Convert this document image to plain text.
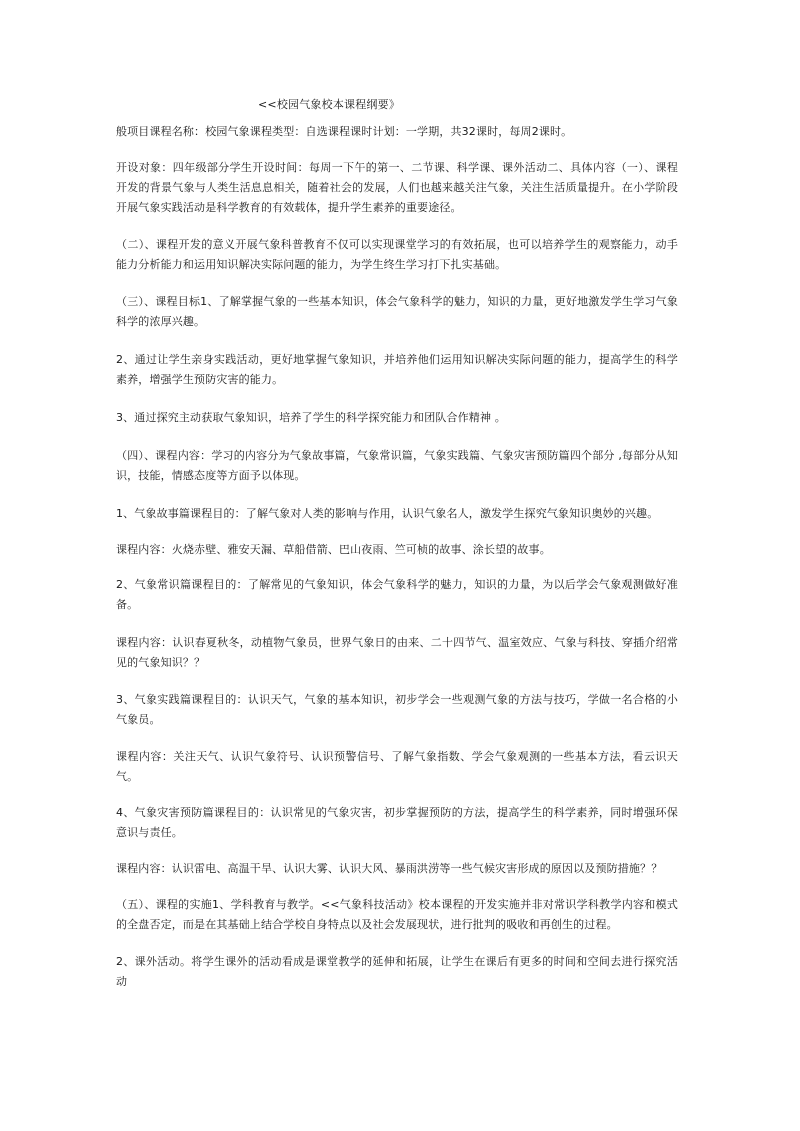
<<校园气象校本课程纲要》

般项目课程名称：校园气象课程类型：自选课程课时计划：一学期，共32课时，每周2课时。

开设对象：四年级部分学生开设时间：每周一下午的第一、二节课、科学课、课外活动二、具体内容（一）、课程开发的背景气象与人类生活息息相关，随着社会的发展，人们也越来越关注气象，关注生活质量提升。在小学阶段开展气象实践活动是科学教育的有效载体，提升学生素养的重要途径。

（二）、课程开发的意义开展气象科普教育不仅可以实现课堂学习的有效拓展，也可以培养学生的观察能力，动手能力分析能力和运用知识解决实际问题的能力，为学生终生学习打下扎实基础。

（三）、课程目标1、了解掌握气象的一些基本知识，体会气象科学的魅力，知识的力量，更好地激发学生学习气象科学的浓厚兴趣。

2、通过让学生亲身实践活动，更好地掌握气象知识，并培养他们运用知识解决实际问题的能力，提高学生的科学素养，增强学生预防灾害的能力。

3、通过探究主动获取气象知识，培养了学生的科学探究能力和团队合作精神 。

（四）、课程内容：学习的内容分为气象故事篇，气象常识篇，气象实践篇、气象灾害预防篇四个部分 ,每部分从知识，技能，情感态度等方面予以体现。

1、气象故事篇课程目的：了解气象对人类的影响与作用，认识气象名人，激发学生探究气象知识奥妙的兴趣。

课程内容：火烧赤壁、雅安天漏、草船借箭、巴山夜雨、竺可桢的故事、涂长望的故事。

2、气象常识篇课程目的：了解常见的气象知识，体会气象科学的魅力，知识的力量，为以后学会气象观测做好准备。

课程内容：认识春夏秋冬，动植物气象员，世界气象日的由来、二十四节气、温室效应、气象与科技、穿插介绍常见的气象知识？？

3、气象实践篇课程目的：认识天气，气象的基本知识，初步学会一些观测气象的方法与技巧，学做一名合格的小气象员。

课程内容：关注天气、认识气象符号、认识预警信号、了解气象指数、学会气象观测的一些基本方法，看云识天气。

4、气象灾害预防篇课程目的：认识常见的气象灾害，初步掌握预防的方法，提高学生的科学素养，同时增强环保意识与责任。

课程内容：认识雷电、高温干旱、认识大雾、认识大风、暴雨洪涝等一些气候灾害形成的原因以及预防措施？？

（五）、课程的实施1、学科教育与教学。<<气象科技活动》校本课程的开发实施并非对常识学科教学内容和模式的全盘否定，而是在其基础上结合学校自身特点以及社会发展现状，进行批判的吸收和再创生的过程。

2、课外活动。将学生课外的活动看成是课堂教学的延伸和拓展，让学生在课后有更多的时间和空间去进行探究活动
